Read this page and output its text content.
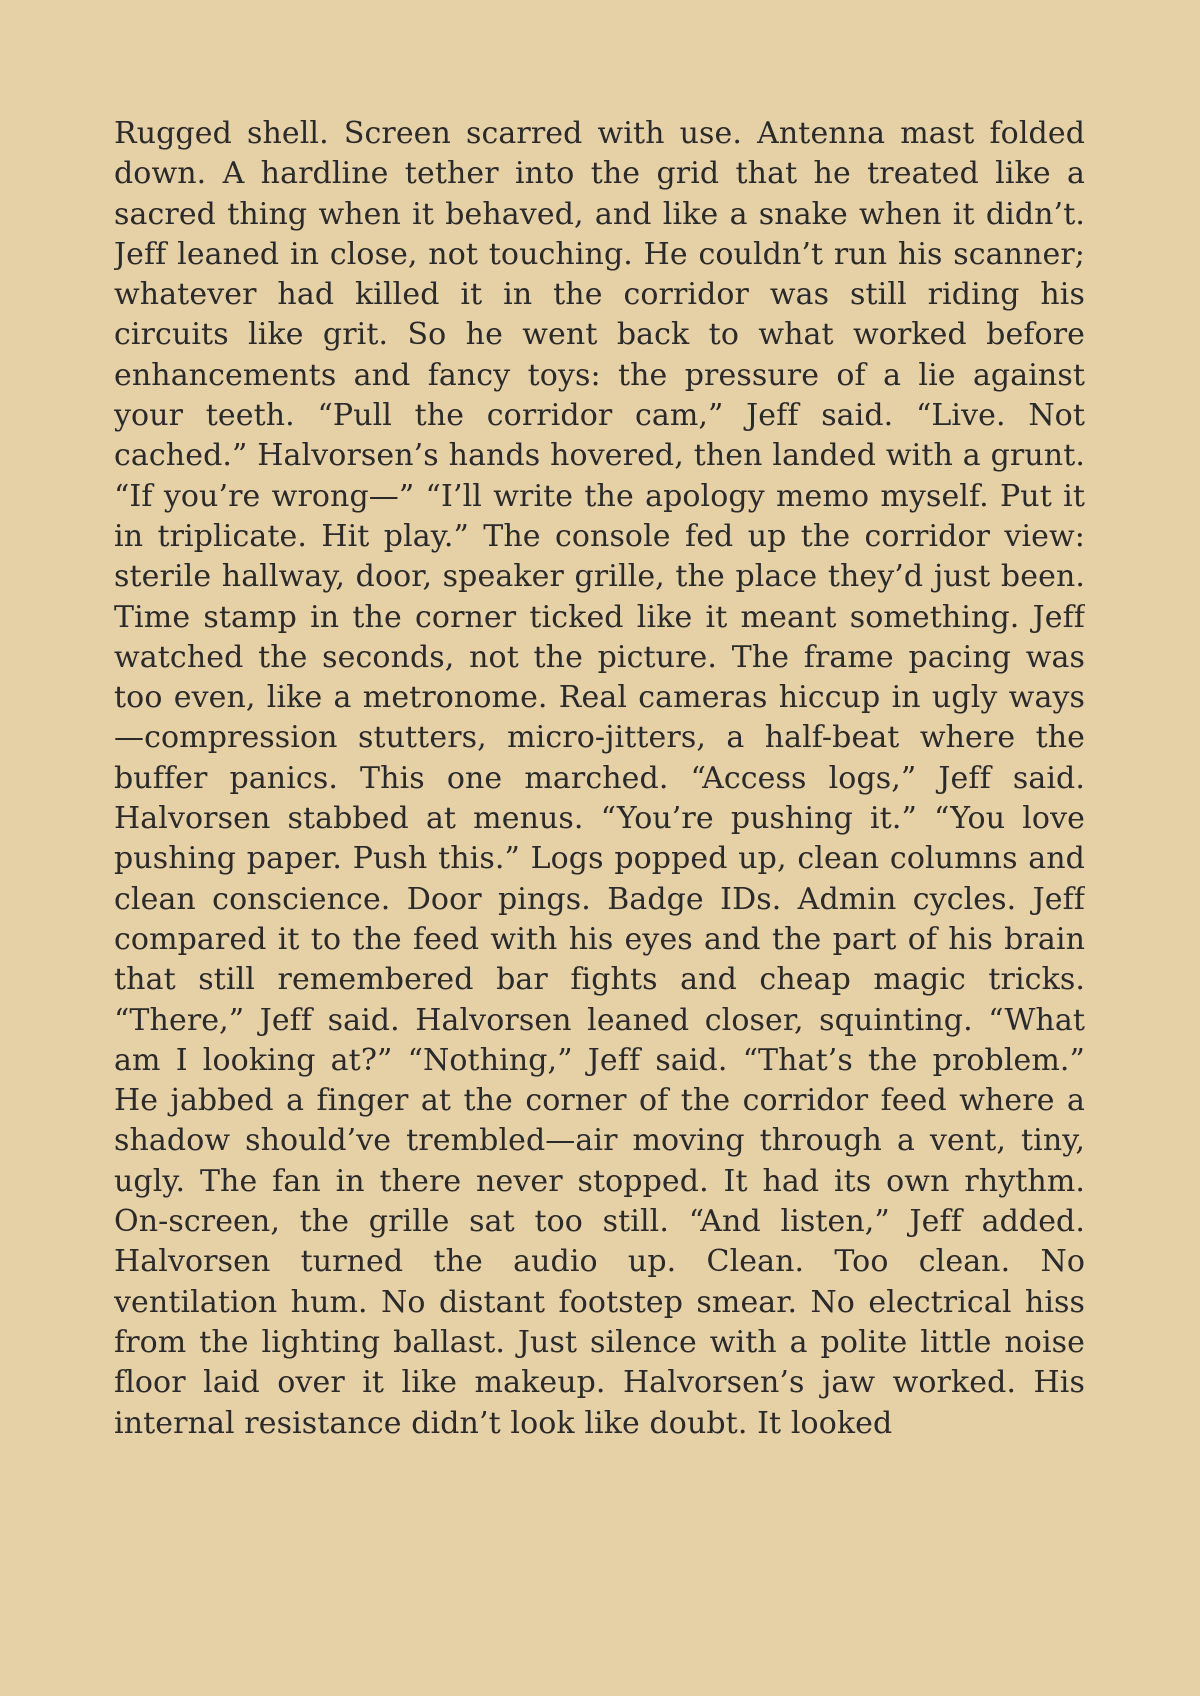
Rugged shell. Screen scarred with use. Antenna mast folded down. A hardline tether into the grid that he treated like a sacred thing when it behaved, and like a snake when it didn’t. Jeff leaned in close, not touching. He couldn’t run his scanner; whatever had killed it in the corridor was still riding his circuits like grit. So he went back to what worked before enhancements and fancy toys: the pressure of a lie against your teeth. “Pull the corridor cam,” Jeff said. “Live. Not cached.” Halvorsen’s hands hovered, then landed with a grunt. “If you’re wrong—” “I’ll write the apology memo myself. Put it in triplicate. Hit play.” The console fed up the corridor view: sterile hallway, door, speaker grille, the place they’d just been. Time stamp in the corner ticked like it meant something. Jeff watched the seconds, not the picture. The frame pacing was too even, like a metronome. Real cameras hiccup in ugly ways—compression stutters, micro-jitters, a half-beat where the buffer panics. This one marched. “Access logs,” Jeff said. Halvorsen stabbed at menus. “You’re pushing it.” “You love pushing paper. Push this.” Logs popped up, clean columns and clean conscience. Door pings. Badge IDs. Admin cycles. Jeff compared it to the feed with his eyes and the part of his brain that still remembered bar fights and cheap magic tricks. “There,” Jeff said. Halvorsen leaned closer, squinting. “What am I looking at?” “Nothing,” Jeff said. “That’s the problem.” He jabbed a finger at the corner of the corridor feed where a shadow should’ve trembled—air moving through a vent, tiny, ugly. The fan in there never stopped. It had its own rhythm. On-screen, the grille sat too still. “And listen,” Jeff added. Halvorsen turned the audio up. Clean. Too clean. No ventilation hum. No distant footstep smear. No electrical hiss from the lighting ballast. Just silence with a polite little noise floor laid over it like makeup. Halvorsen’s jaw worked. His internal resistance didn’t look like doubt. It looked
